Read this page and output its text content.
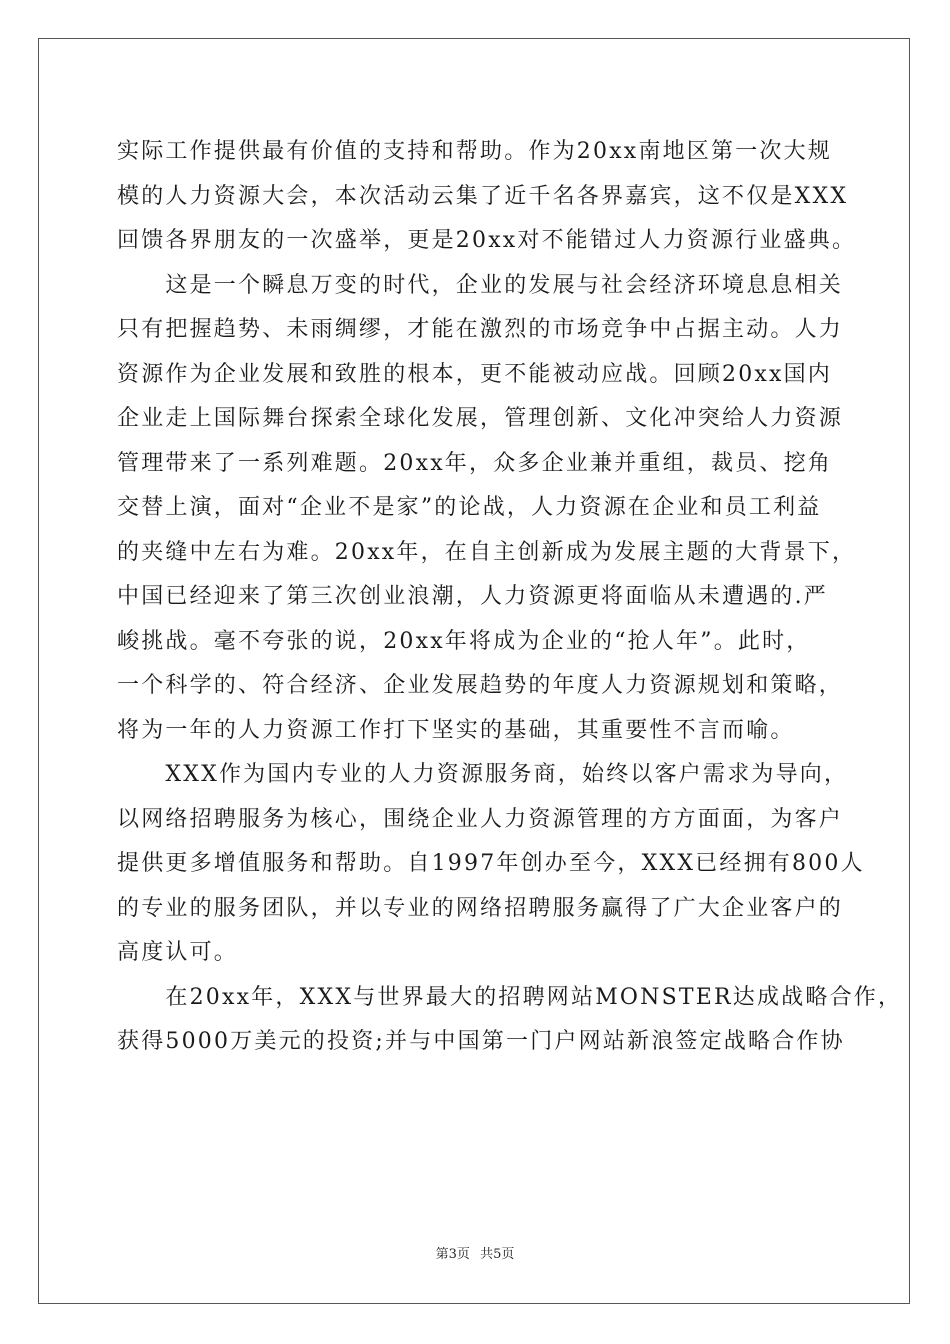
实际工作提供最有价值的支持和帮助。作为20xx南地区第一次大规
模的人力资源大会，本次活动云集了近千名各界嘉宾，这不仅是XXX
回馈各界朋友的一次盛举，更是20xx对不能错过人力资源行业盛典。
　　这是一个瞬息万变的时代，企业的发展与社会经济环境息息相关
只有把握趋势、未雨绸缪，才能在激烈的市场竞争中占据主动。人力
资源作为企业发展和致胜的根本，更不能被动应战。回顾20xx国内
企业走上国际舞台探索全球化发展，管理创新、文化冲突给人力资源
管理带来了一系列难题。20xx年，众多企业兼并重组，裁员、挖角
交替上演，面对“企业不是家”的论战，人力资源在企业和员工利益
的夹缝中左右为难。20xx年，在自主创新成为发展主题的大背景下，
中国已经迎来了第三次创业浪潮，人力资源更将面临从未遭遇的.严
峻挑战。毫不夸张的说，20xx年将成为企业的“抢人年”。此时，
一个科学的、符合经济、企业发展趋势的年度人力资源规划和策略，
将为一年的人力资源工作打下坚实的基础，其重要性不言而喻。
　　XXX作为国内专业的人力资源服务商，始终以客户需求为导向，
以网络招聘服务为核心，围绕企业人力资源管理的方方面面，为客户
提供更多增值服务和帮助。自1997年创办至今，XXX已经拥有800人
的专业的服务团队，并以专业的网络招聘服务赢得了广大企业客户的
高度认可。
　　在20xx年，XXX与世界最大的招聘网站MONSTER达成战略合作，
获得5000万美元的投资;并与中国第一门户网站新浪签定战略合作协
第3页 共5页
